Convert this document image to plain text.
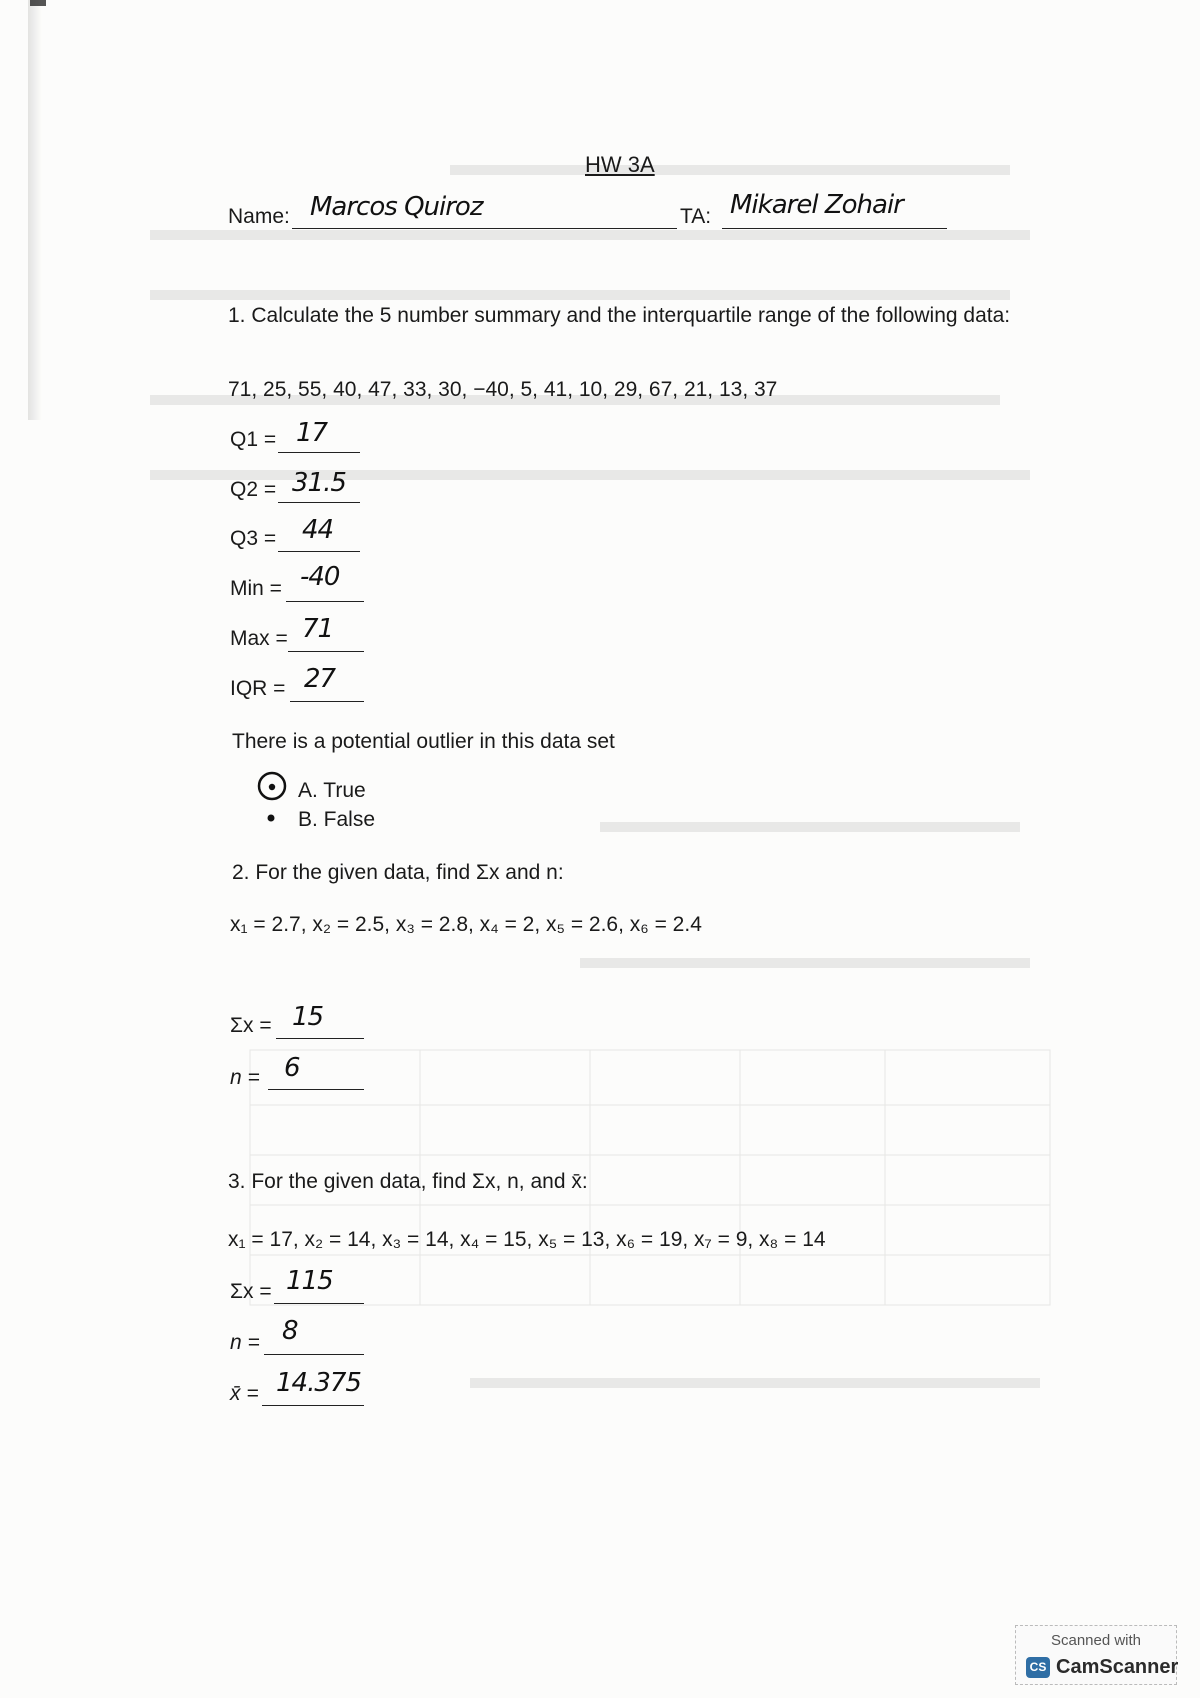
HW 3A
Name: Marcos Quiroz	TA: Mikarel Zohair
1. Calculate the 5 number summary and the interquartile range of the following data:
71, 25, 55, 40, 47, 33, 30, −40, 5, 41, 10, 29, 67, 21, 13, 37
Q1 = 17
Q2 = 31.5
Q3 = 44
Min = -40
Max = 71
IQR = 27
There is a potential outlier in this data set
A. True
B. False
2. For the given data, find Σx and n:
x₁ = 2.7, x₂ = 2.5, x₃ = 2.8, x₄ = 2, x₅ = 2.6, x₆ = 2.4
Σx = 15
n = 6
3. For the given data, find Σx, n, and x̄:
x₁ = 17, x₂ = 14, x₃ = 14, x₄ = 15, x₅ = 13, x₆ = 19, x₇ = 9, x₈ = 14
Σx = 115
n = 8
x̄ = 14.375
Scanned with
CS CamScanner
